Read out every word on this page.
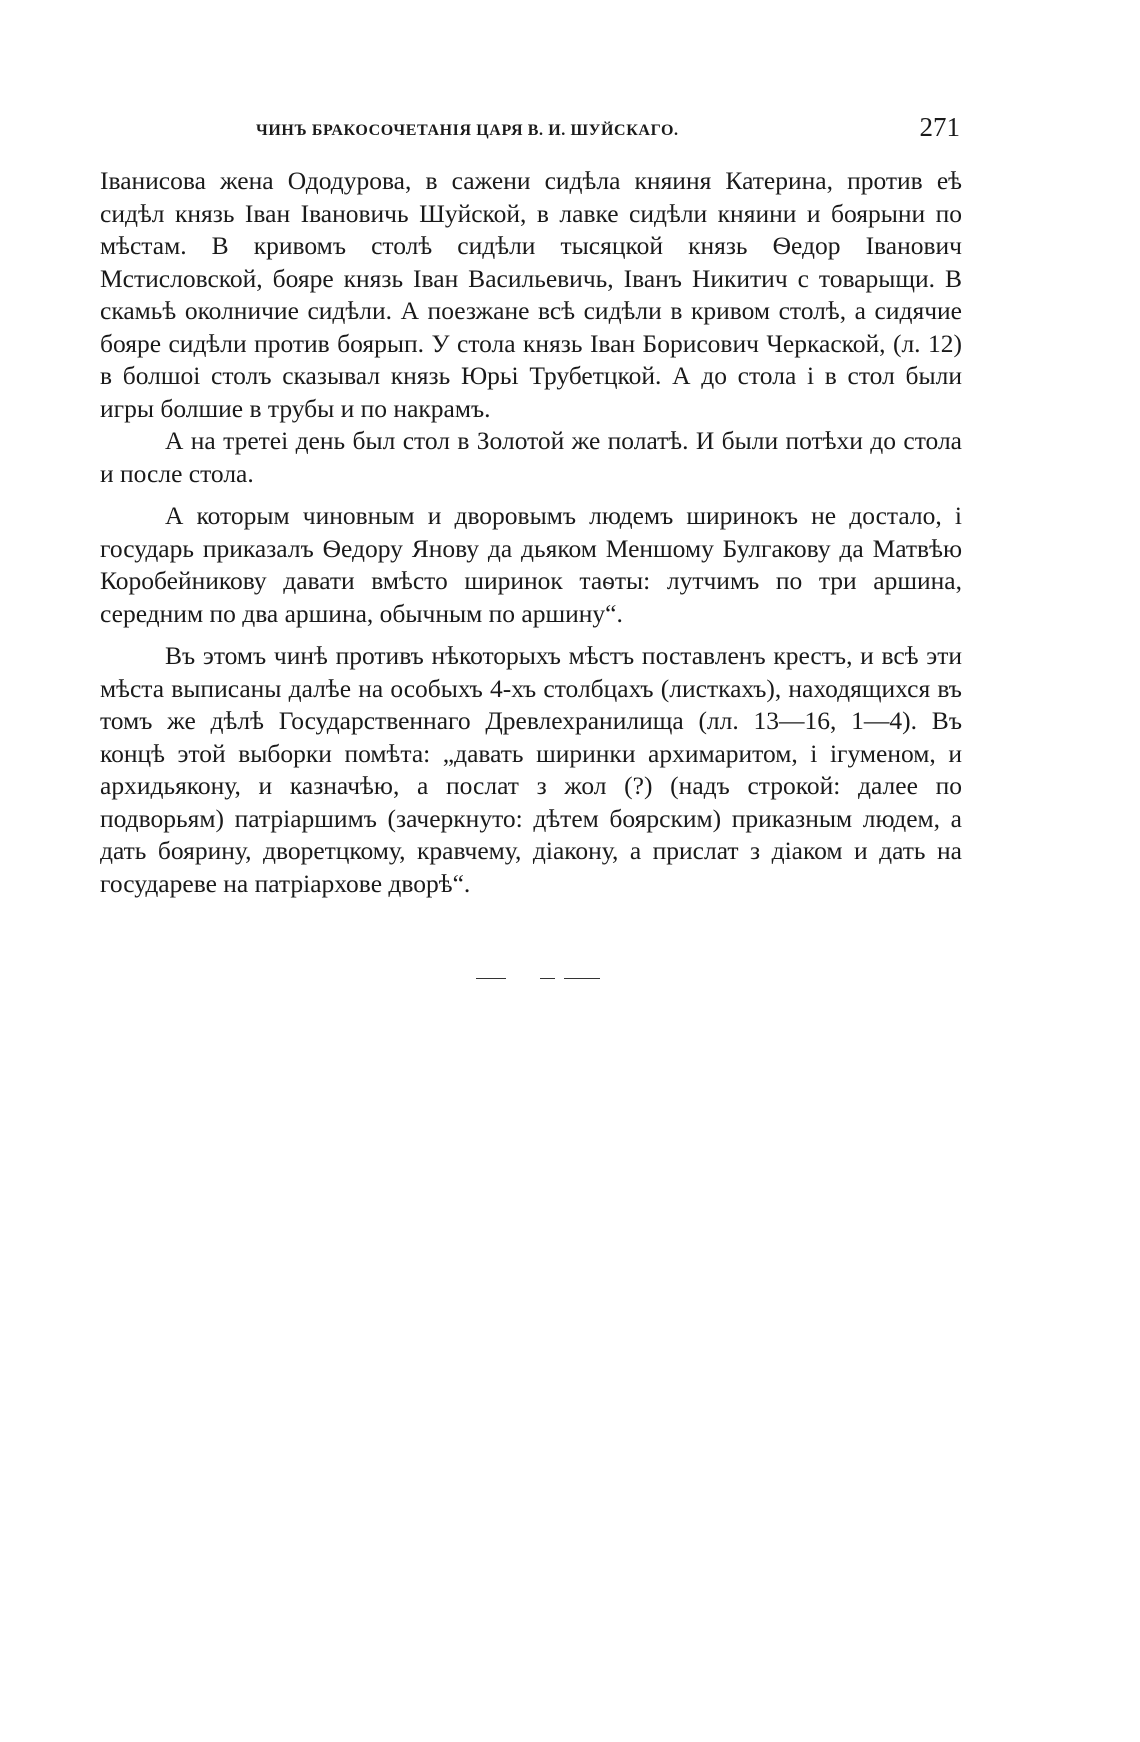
ЧИНЪ БРАКОСОЧЕТАНІЯ ЦАРЯ В. И. ШУЙСКАГО.	271

Іванисова жена Ододурова, в сажени сидѣла княиня Катерина, против еѣ сидѣл князь Іван Івановичь Шуйской, в лавке сидѣли княини и боярыни по мѣстам. В кривомъ столѣ сидѣли тысяцкой князь Ѳедор Іванович Мстисловской, бояре князь Іван Васильевичь, Іванъ Никитич с товарыщи. В скамьѣ околничие сидѣли. А поезжане всѣ сидѣли в кривом столѣ, а сидячие бояре сидѣли против боярып. У стола князь Іван Борисович Черкаской, (л. 12) в болшоі столъ сказывал князь Юрьі Трубетцкой. А до стола і в стол были игры болшие в трубы и по накрамъ.

А на третеі день был стол в Золотой же полатѣ. И были потѣхи до стола и после стола.

А которым чиновным и дворовымъ людемъ ширинокъ не достало, і государь приказалъ Ѳедору Янову да дьяком Меншому Булгакову да Матвѣю Коробейникову давати вмѣсто ширинок таѳты: лутчимъ по три аршина, середним по два аршина, обычным по аршину“.

Въ этомъ чинѣ противъ нѣкоторыхъ мѣстъ поставленъ крестъ, и всѣ эти мѣста выписаны далѣе на особыхъ 4-хъ столбцахъ (листкахъ), находящихся въ томъ же дѣлѣ Государственнаго Древлехранилища (лл. 13—16, 1—4). Въ концѣ этой выборки помѣта: „давать ширинки архимаритом, і ігуменом, и архидьякону, и казначѣю, а послат з жол (?) (надъ строкой: далее по подворьям) патріаршимъ (зачеркнуто: дѣтем боярским) приказным людем, а дать боярину, дворетцкому, кравчему, діакону, а прислат з діаком и дать на государеве на патріархове дворѣ“.
